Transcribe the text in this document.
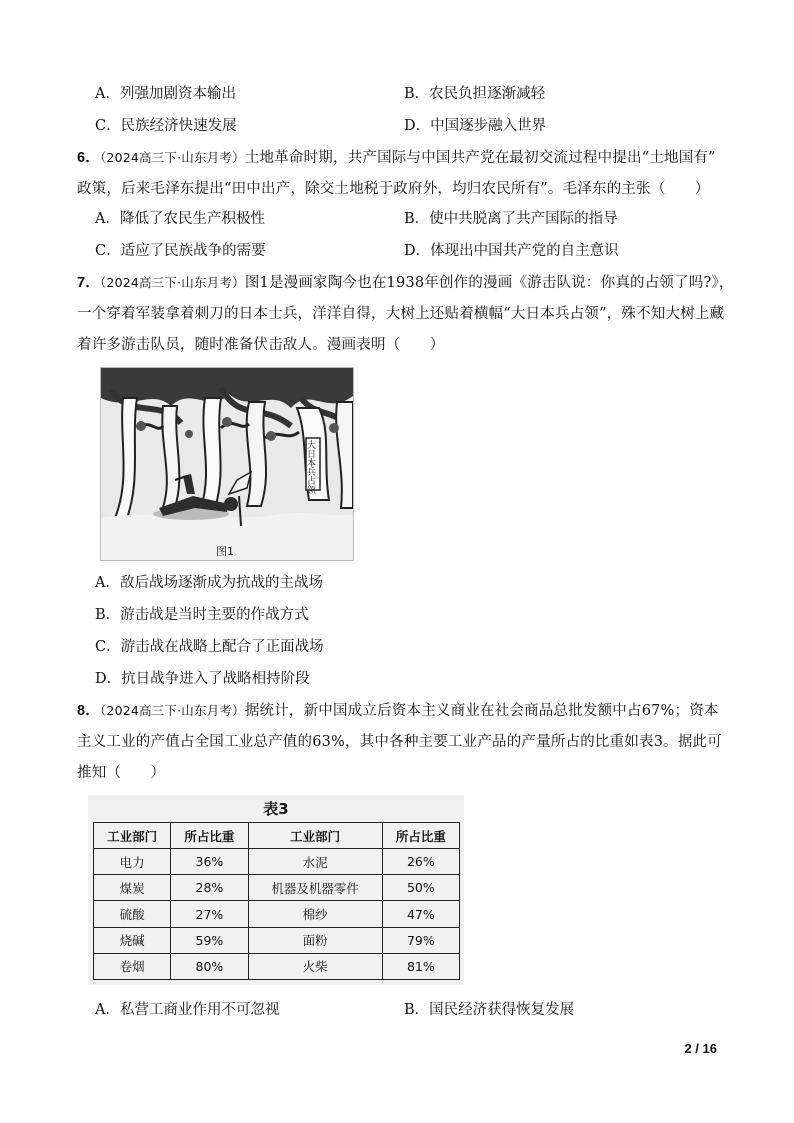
A．列强加剧资本输出	B．农民负担逐渐减轻
C．民族经济快速发展	D．中国逐步融入世界
6．（2024高三下·山东月考）土地革命时期，共产国际与中国共产党在最初交流过程中提出“土地国有”
政策，后来毛泽东提出“田中出产，除交土地税于政府外，均归农民所有”。毛泽东的主张（　　）
A．降低了农民生产积极性	B．使中共脱离了共产国际的指导
C．适应了民族战争的需要	D．体现出中国共产党的自主意识
7．（2024高三下·山东月考）图1是漫画家陶今也在1938年创作的漫画《游击队说：你真的占领了吗?》，
一个穿着军装拿着刺刀的日本士兵，洋洋自得，大树上还贴着横幅“大日本兵占领”，殊不知大树上藏
着许多游击队员，随时准备伏击敌人。漫画表明（　　）
大日本兵占领
图1
A．敌后战场逐渐成为抗战的主战场
B．游击战是当时主要的作战方式
C．游击战在战略上配合了正面战场
D．抗日战争进入了战略相持阶段
8．（2024高三下·山东月考）据统计，新中国成立后资本主义商业在社会商品总批发额中占67%；资本
主义工业的产值占全国工业总产值的63%，其中各种主要工业产品的产量所占的比重如表3。据此可
推知（　　）
表3
工业部门	所占比重	工业部门	所占比重
电力	36%	水泥	26%
煤炭	28%	机器及机器零件	50%
硫酸	27%	棉纱	47%
烧碱	59%	面粉	79%
卷烟	80%	火柴	81%
A．私营工商业作用不可忽视	B．国民经济获得恢复发展
2 / 16
